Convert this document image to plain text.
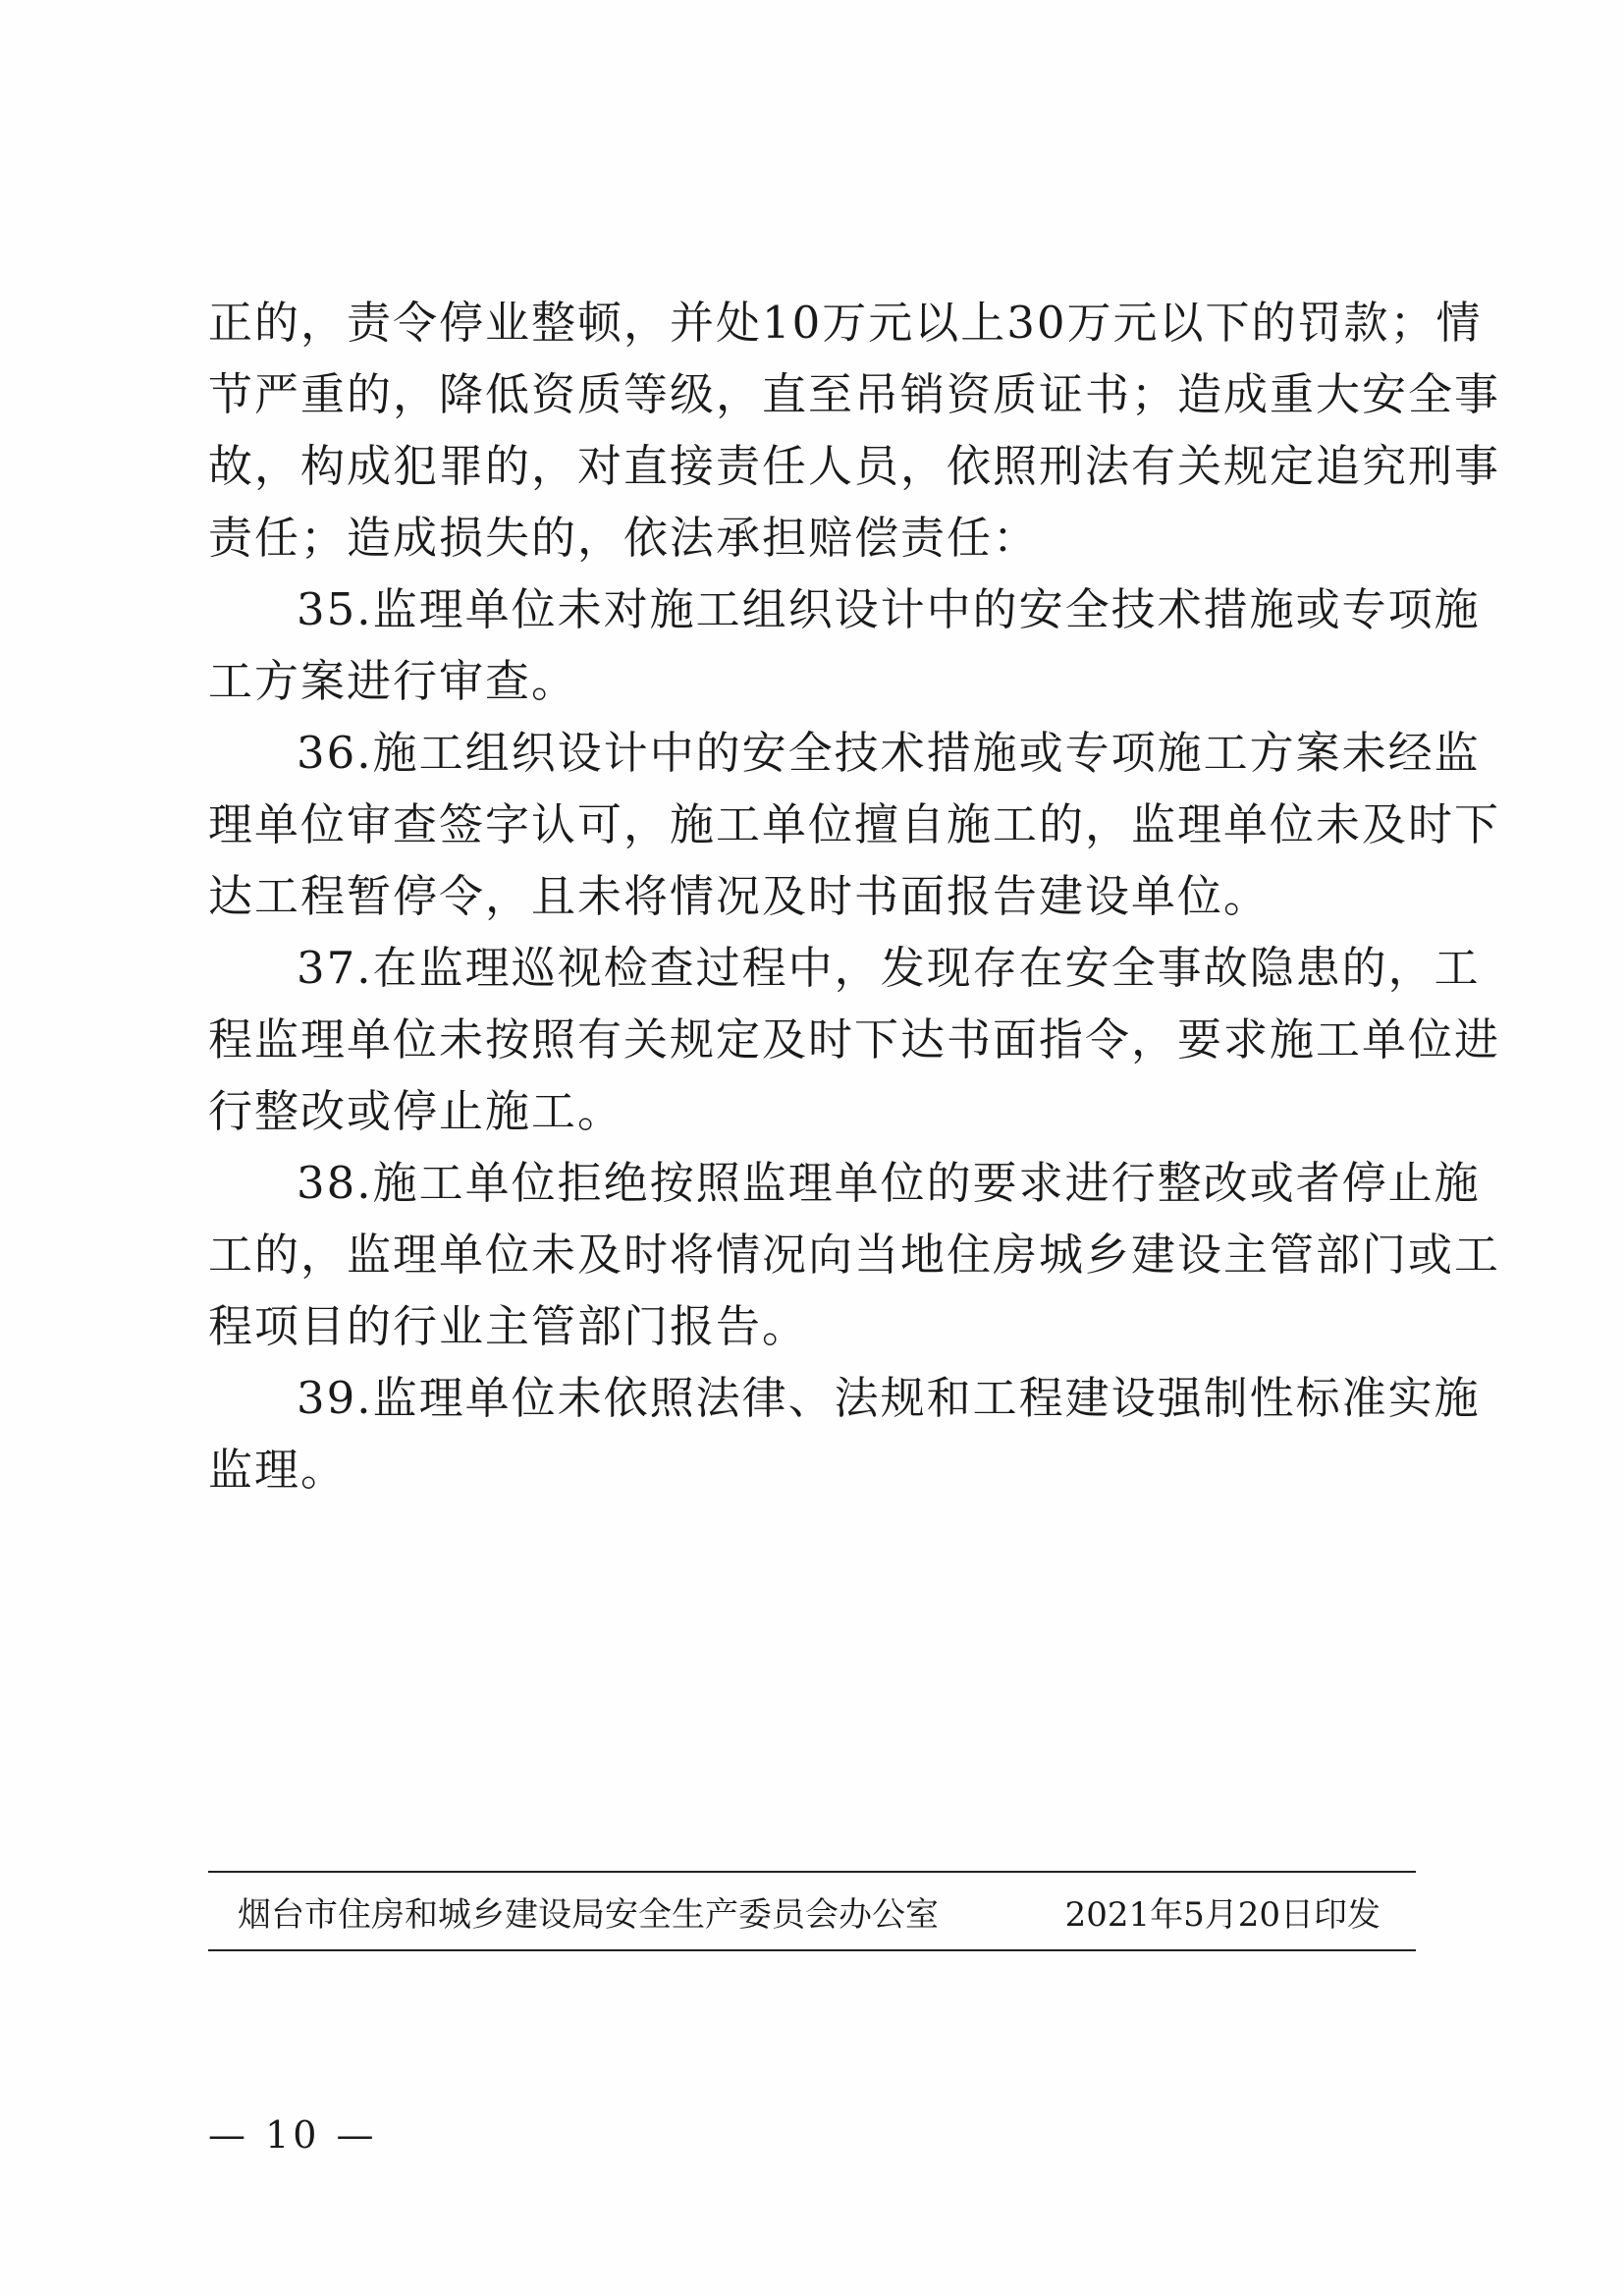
正的，责令停业整顿，并处10万元以上30万元以下的罚款；情
节严重的，降低资质等级，直至吊销资质证书；造成重大安全事
故，构成犯罪的，对直接责任人员，依照刑法有关规定追究刑事
责任；造成损失的，依法承担赔偿责任：
35.监理单位未对施工组织设计中的安全技术措施或专项施
工方案进行审查。
36.施工组织设计中的安全技术措施或专项施工方案未经监
理单位审查签字认可，施工单位擅自施工的，监理单位未及时下
达工程暂停令，且未将情况及时书面报告建设单位。
37.在监理巡视检查过程中，发现存在安全事故隐患的，工
程监理单位未按照有关规定及时下达书面指令，要求施工单位进
行整改或停止施工。
38.施工单位拒绝按照监理单位的要求进行整改或者停止施
工的，监理单位未及时将情况向当地住房城乡建设主管部门或工
程项目的行业主管部门报告。
39.监理单位未依照法律、法规和工程建设强制性标准实施
监理。
烟台市住房和城乡建设局安全生产委员会办公室	2021年5月20日印发
— 10 —
